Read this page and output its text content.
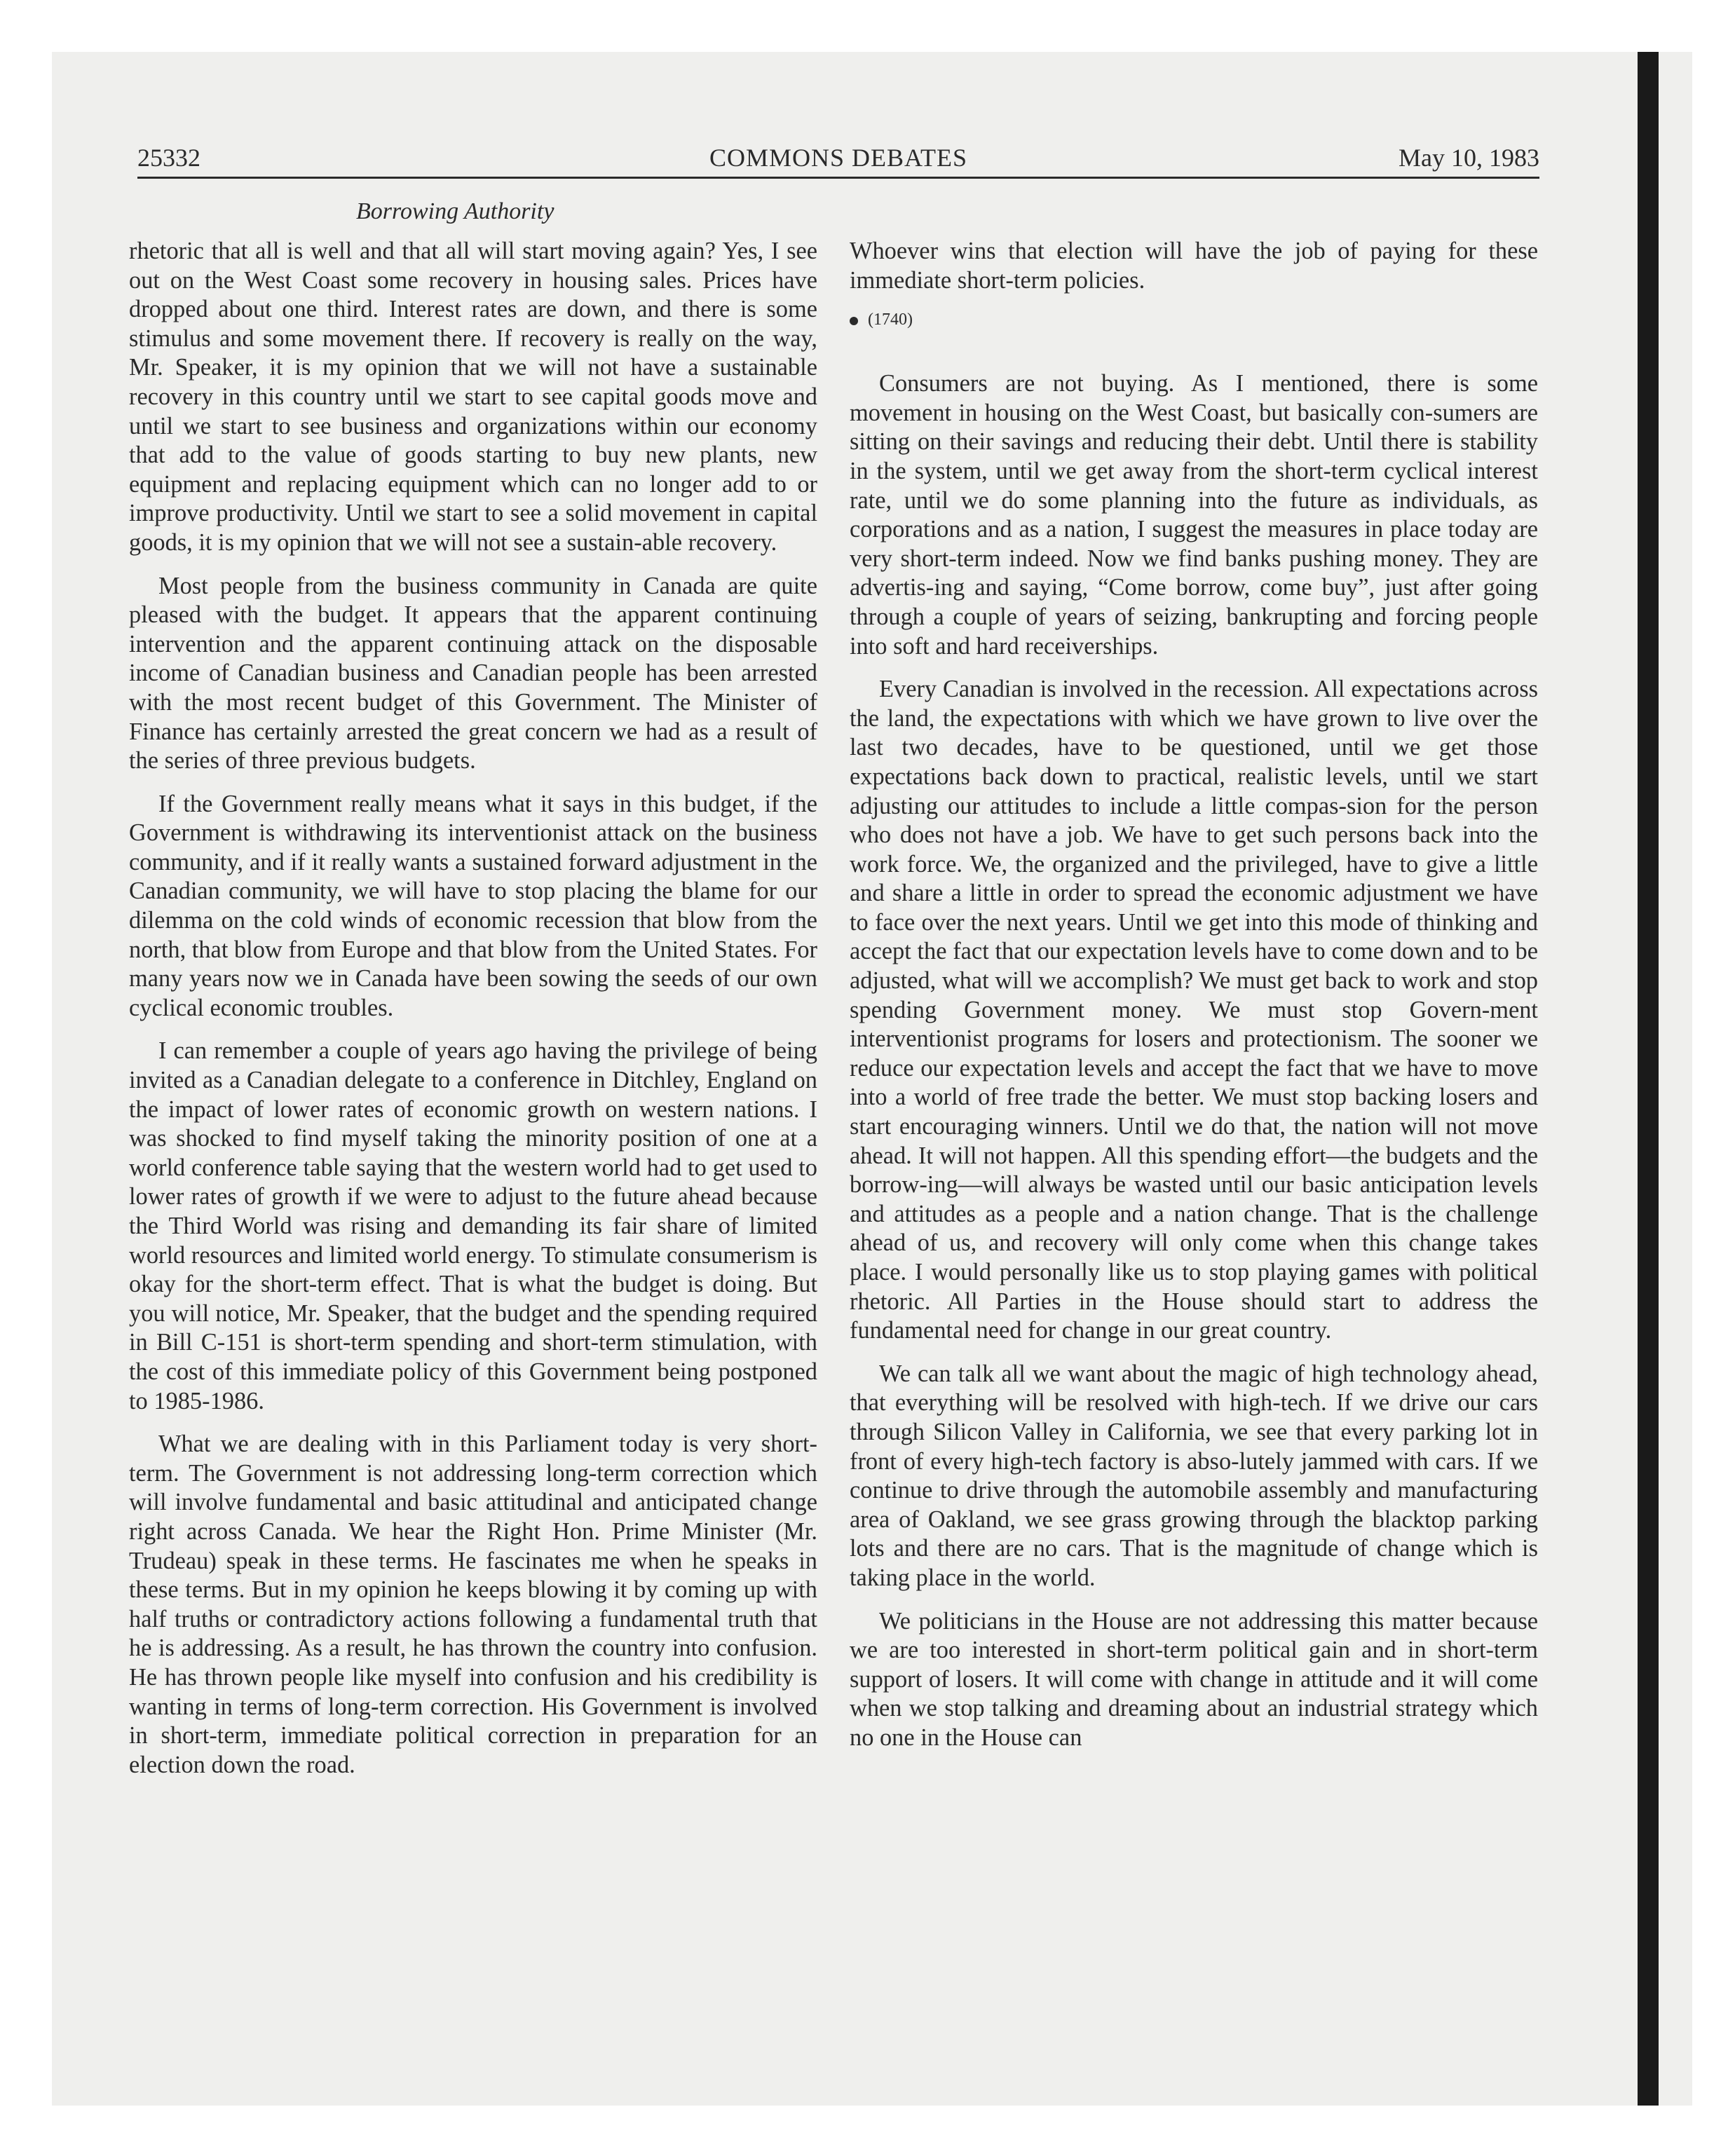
25332	COMMONS DEBATES	May 10, 1983
Borrowing Authority

rhetoric that all is well and that all will start moving again? Yes, I see out on the West Coast some recovery in housing sales. Prices have dropped about one third. Interest rates are down, and there is some stimulus and some movement there. If recovery is really on the way, Mr. Speaker, it is my opinion that we will not have a sustainable recovery in this country until we start to see capital goods move and until we start to see business and organizations within our economy that add to the value of goods starting to buy new plants, new equipment and replacing equipment which can no longer add to or improve productivity. Until we start to see a solid movement in capital goods, it is my opinion that we will not see a sustain-able recovery.

Most people from the business community in Canada are quite pleased with the budget. It appears that the apparent continuing intervention and the apparent continuing attack on the disposable income of Canadian business and Canadian people has been arrested with the most recent budget of this Government. The Minister of Finance has certainly arrested the great concern we had as a result of the series of three previous budgets.

If the Government really means what it says in this budget, if the Government is withdrawing its interventionist attack on the business community, and if it really wants a sustained forward adjustment in the Canadian community, we will have to stop placing the blame for our dilemma on the cold winds of economic recession that blow from the north, that blow from Europe and that blow from the United States. For many years now we in Canada have been sowing the seeds of our own cyclical economic troubles.

I can remember a couple of years ago having the privilege of being invited as a Canadian delegate to a conference in Ditchley, England on the impact of lower rates of economic growth on western nations. I was shocked to find myself taking the minority position of one at a world conference table saying that the western world had to get used to lower rates of growth if we were to adjust to the future ahead because the Third World was rising and demanding its fair share of limited world resources and limited world energy. To stimulate consumerism is okay for the short-term effect. That is what the budget is doing. But you will notice, Mr. Speaker, that the budget and the spending required in Bill C-151 is short-term spending and short-term stimulation, with the cost of this immediate policy of this Government being postponed to 1985-1986.

What we are dealing with in this Parliament today is very short-term. The Government is not addressing long-term correction which will involve fundamental and basic attitudinal and anticipated change right across Canada. We hear the Right Hon. Prime Minister (Mr. Trudeau) speak in these terms. He fascinates me when he speaks in these terms. But in my opinion he keeps blowing it by coming up with half truths or contradictory actions following a fundamental truth that he is addressing. As a result, he has thrown the country into confusion. He has thrown people like myself into confusion and his credibility is wanting in terms of long-term correction. His Government is involved in short-term, immediate political correction in preparation for an election down the road.

Whoever wins that election will have the job of paying for these immediate short-term policies.

(1740)

Consumers are not buying. As I mentioned, there is some movement in housing on the West Coast, but basically con-sumers are sitting on their savings and reducing their debt. Until there is stability in the system, until we get away from the short-term cyclical interest rate, until we do some planning into the future as individuals, as corporations and as a nation, I suggest the measures in place today are very short-term indeed. Now we find banks pushing money. They are advertis-ing and saying, “Come borrow, come buy”, just after going through a couple of years of seizing, bankrupting and forcing people into soft and hard receiverships.

Every Canadian is involved in the recession. All expectations across the land, the expectations with which we have grown to live over the last two decades, have to be questioned, until we get those expectations back down to practical, realistic levels, until we start adjusting our attitudes to include a little compas-sion for the person who does not have a job. We have to get such persons back into the work force. We, the organized and the privileged, have to give a little and share a little in order to spread the economic adjustment we have to face over the next years. Until we get into this mode of thinking and accept the fact that our expectation levels have to come down and to be adjusted, what will we accomplish? We must get back to work and stop spending Government money. We must stop Govern-ment interventionist programs for losers and protectionism. The sooner we reduce our expectation levels and accept the fact that we have to move into a world of free trade the better. We must stop backing losers and start encouraging winners. Until we do that, the nation will not move ahead. It will not happen. All this spending effort—the budgets and the borrow-ing—will always be wasted until our basic anticipation levels and attitudes as a people and a nation change. That is the challenge ahead of us, and recovery will only come when this change takes place. I would personally like us to stop playing games with political rhetoric. All Parties in the House should start to address the fundamental need for change in our great country.

We can talk all we want about the magic of high technology ahead, that everything will be resolved with high-tech. If we drive our cars through Silicon Valley in California, we see that every parking lot in front of every high-tech factory is abso-lutely jammed with cars. If we continue to drive through the automobile assembly and manufacturing area of Oakland, we see grass growing through the blacktop parking lots and there are no cars. That is the magnitude of change which is taking place in the world.

We politicians in the House are not addressing this matter because we are too interested in short-term political gain and in short-term support of losers. It will come with change in attitude and it will come when we stop talking and dreaming about an industrial strategy which no one in the House can
